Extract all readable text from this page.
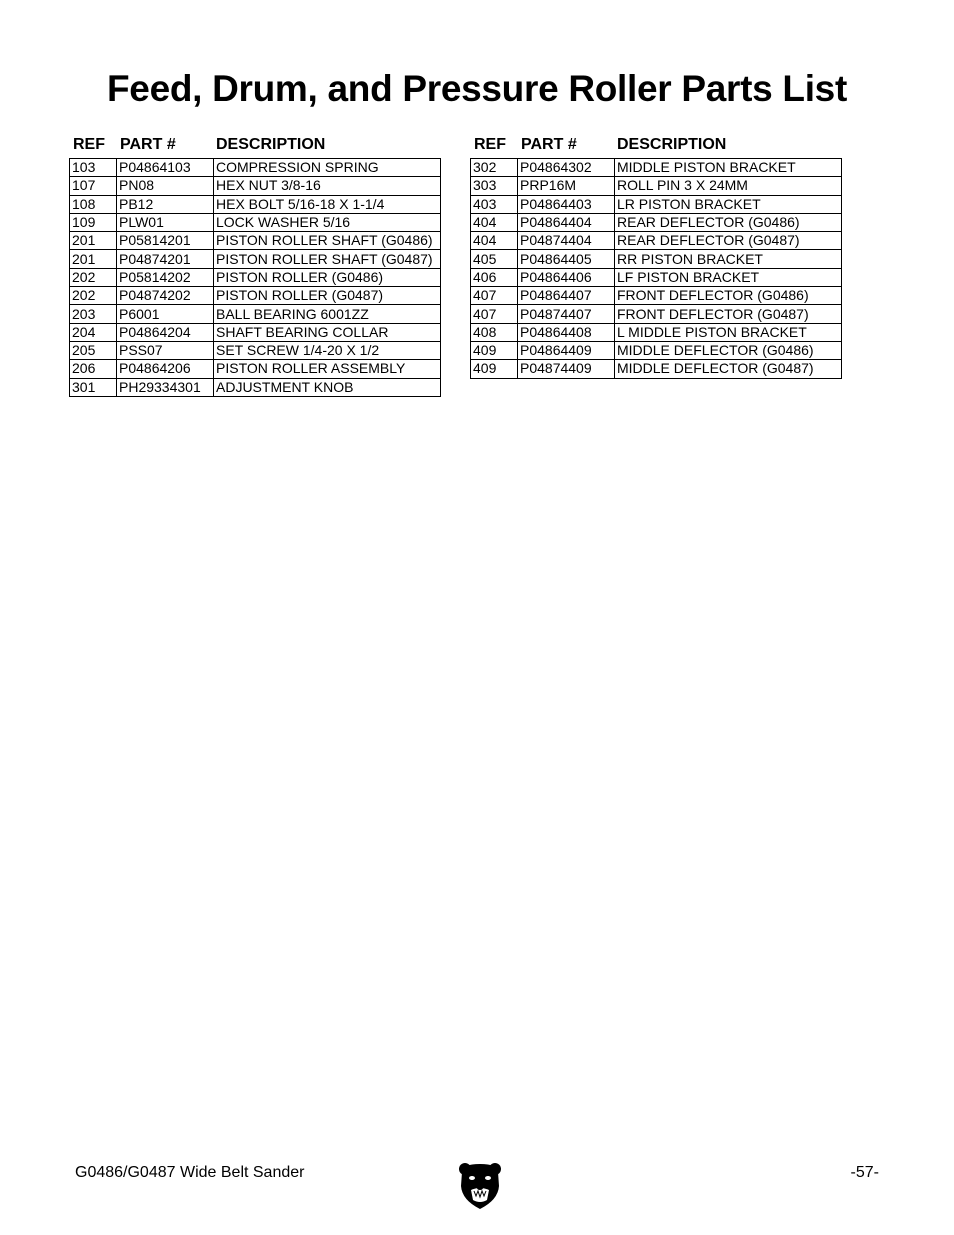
Feed, Drum, and Pressure Roller Parts List
REF PART #	DESCRIPTION
103	P04864103	COMPRESSION SPRING
107	PN08	HEX NUT 3/8-16
108	PB12	HEX BOLT 5/16-18 X 1-1/4
109	PLW01	LOCK WASHER 5/16
201	P05814201	PISTON ROLLER SHAFT (G0486)
201	P04874201	PISTON ROLLER SHAFT (G0487)
202	P05814202	PISTON ROLLER (G0486)
202	P04874202	PISTON ROLLER (G0487)
203	P6001	BALL BEARING 6001ZZ
204	P04864204	SHAFT BEARING COLLAR
205	PSS07	SET SCREW 1/4-20 X 1/2
206	P04864206	PISTON ROLLER ASSEMBLY
301	PH29334301	ADJUSTMENT KNOB
REF PART #	DESCRIPTION
302	P04864302	MIDDLE PISTON BRACKET
303	PRP16M	ROLL PIN 3 X 24MM
403	P04864403	LR PISTON BRACKET
404	P04864404	REAR DEFLECTOR (G0486)
404	P04874404	REAR DEFLECTOR (G0487)
405	P04864405	RR PISTON BRACKET
406	P04864406	LF PISTON BRACKET
407	P04864407	FRONT DEFLECTOR (G0486)
407	P04874407	FRONT DEFLECTOR (G0487)
408	P04864408	L MIDDLE PISTON BRACKET
409	P04864409	MIDDLE DEFLECTOR (G0486)
409	P04874409	MIDDLE DEFLECTOR (G0487)
G0486/G0487 Wide Belt Sander	-57-
